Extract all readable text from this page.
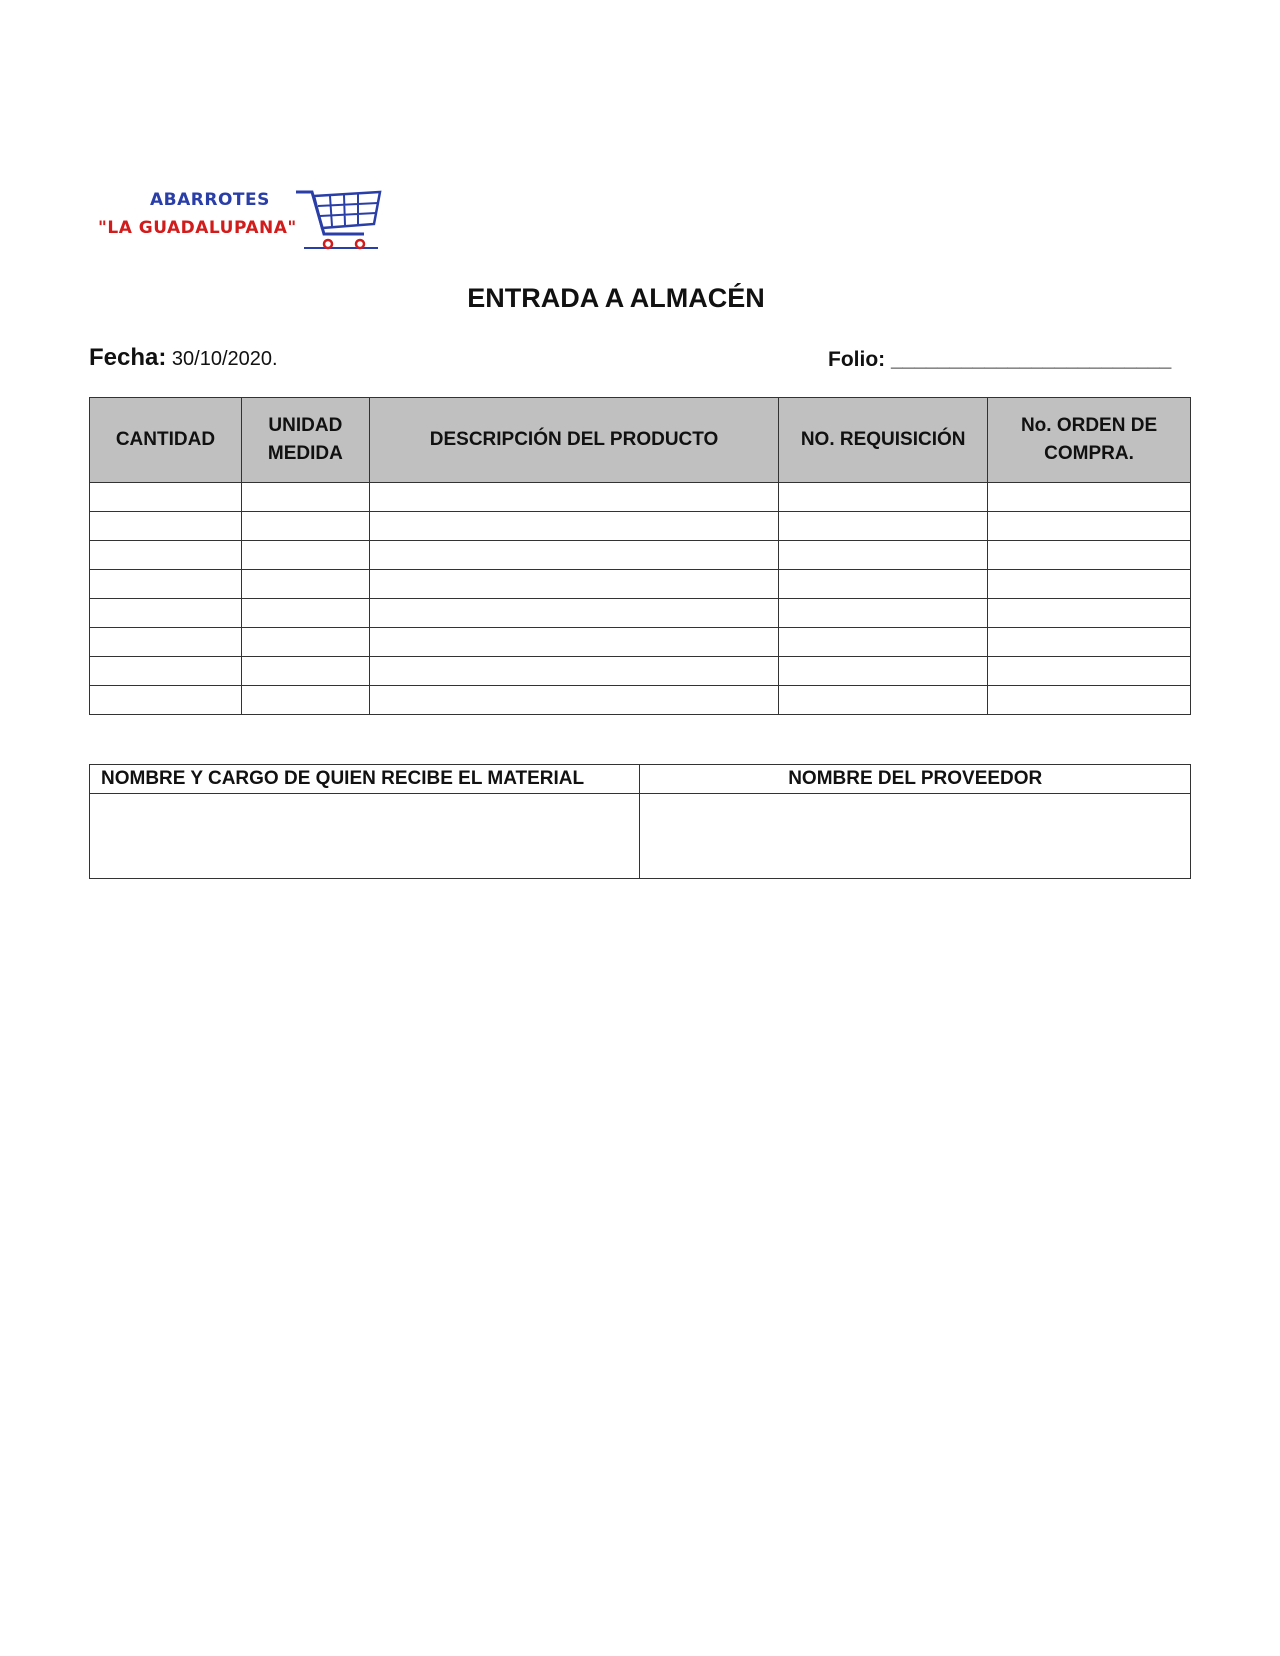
ABARROTES
"LA GUADALUPANA"
ENTRADA A ALMACÉN
Fecha: 30/10/2020.	Folio: ________________________
CANTIDAD	UNIDAD MEDIDA	DESCRIPCIÓN DEL PRODUCTO	NO. REQUISICIÓN	No. ORDEN DE COMPRA.

NOMBRE Y CARGO DE QUIEN RECIBE EL MATERIAL	NOMBRE DEL PROVEEDOR
